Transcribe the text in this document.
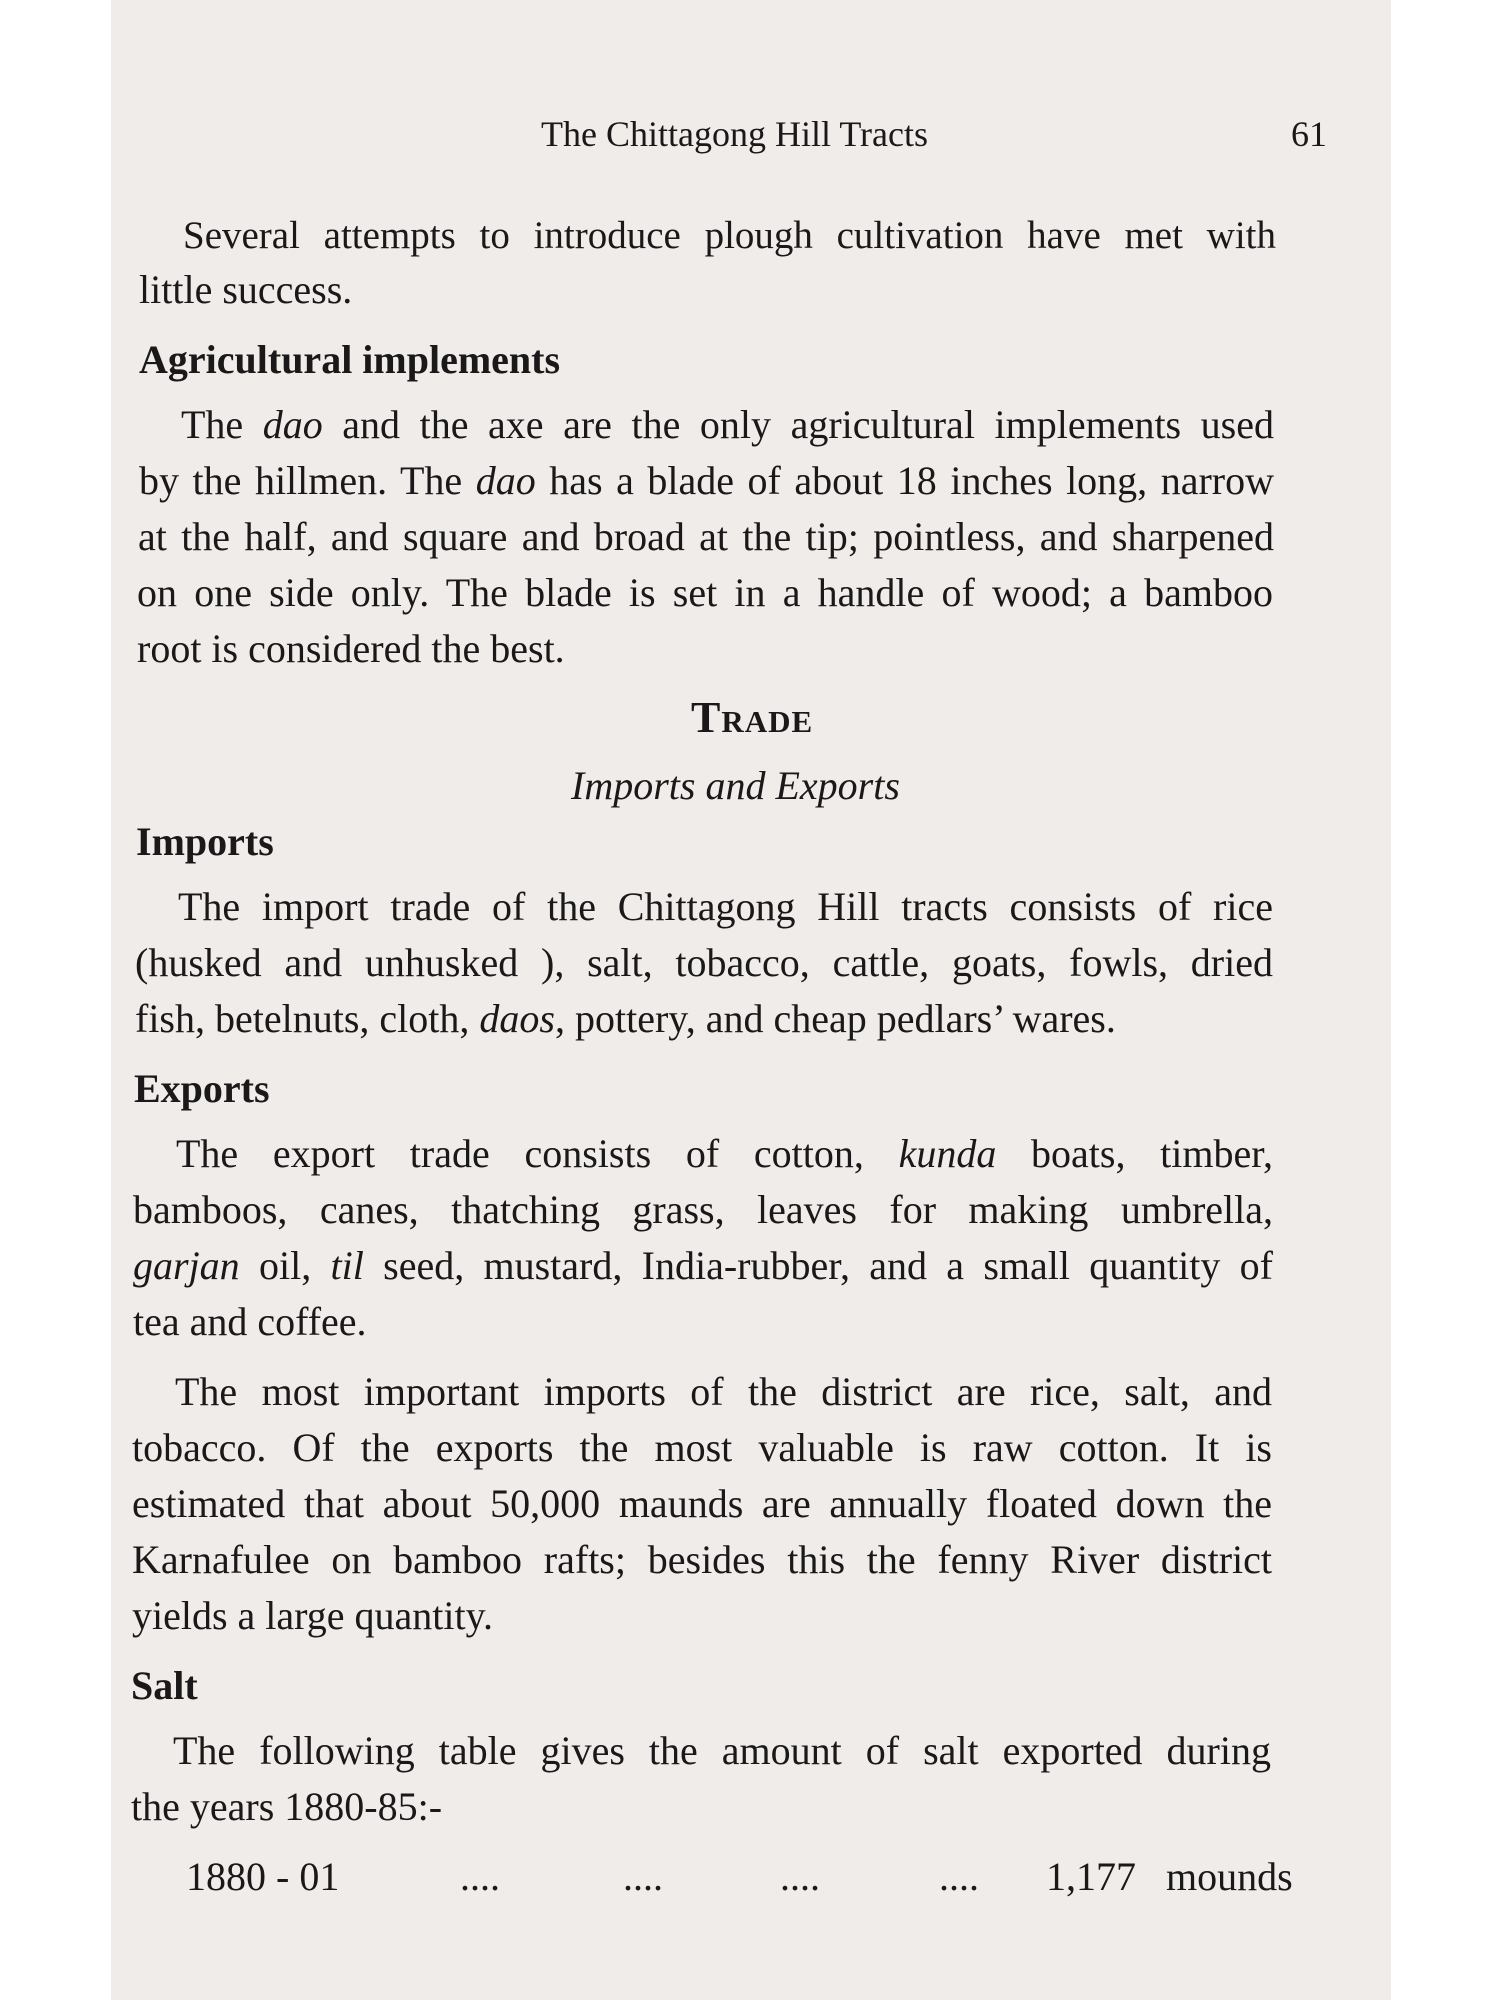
The Chittagong Hill Tracts	61
Several attempts to introduce plough cultivation have met with
little success.
Agricultural implements
The dao and the axe are the only agricultural implements used
by the hillmen. The dao has a blade of about 18 inches long, narrow
at the half, and square and broad at the tip; pointless, and sharpened
on one side only. The blade is set in a handle of wood; a bamboo
root is considered the best.
Trade
Imports and Exports
Imports
The import trade of the Chittagong Hill tracts consists of rice
(husked and unhusked ), salt, tobacco, cattle, goats, fowls, dried
fish, betelnuts, cloth, daos, pottery, and cheap pedlars’ wares.
Exports
The export trade consists of cotton, kunda boats, timber,
bamboos, canes, thatching grass, leaves for making umbrella,
garjan oil, til seed, mustard, India-rubber, and a small quantity of
tea and coffee.
The most important imports of the district are rice, salt, and
tobacco. Of the exports the most valuable is raw cotton. It is
estimated that about 50,000 maunds are annually floated down the
Karnafulee on bamboo rafts; besides this the fenny River district
yields a large quantity.
Salt
The following table gives the amount of salt exported during
the years 1880-85:-
1880 - 01	....	....	....	.... 1,177 mounds
